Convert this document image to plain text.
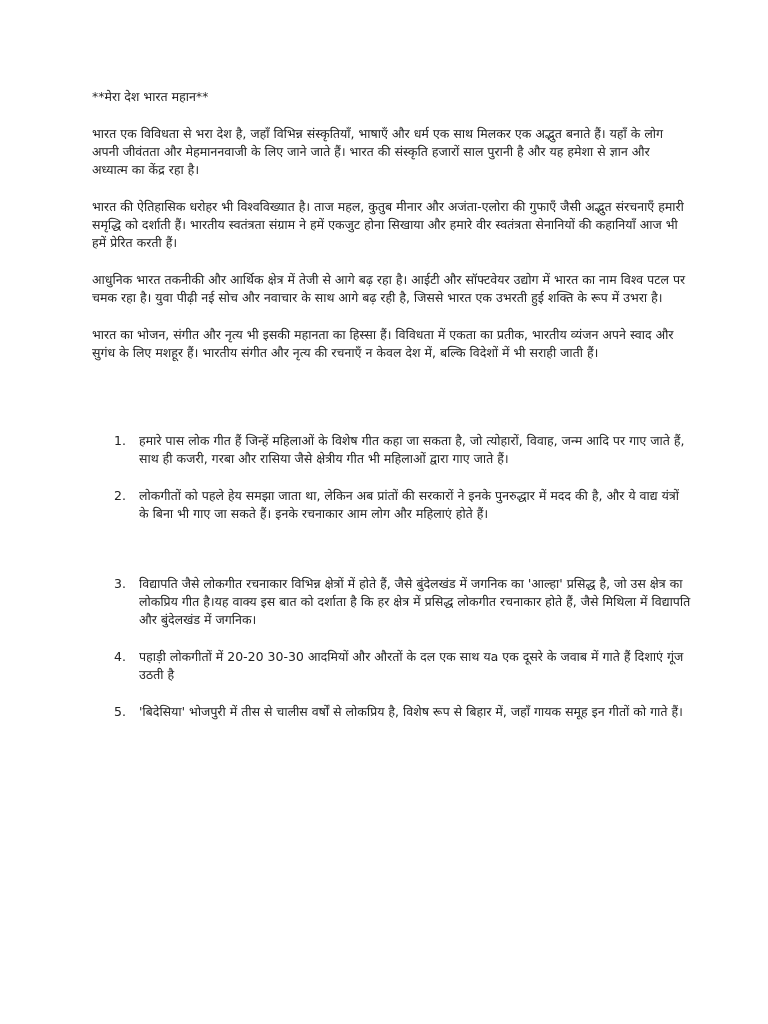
**मेरा देश भारत महान**

भारत एक विविधता से भरा देश है, जहाँ विभिन्न संस्कृतियाँ, भाषाएँ और धर्म एक साथ मिलकर एक अद्भुत बनाते हैं। यहाँ के लोग अपनी जीवंतता और मेहमाननवाजी के लिए जाने जाते हैं। भारत की संस्कृति हजारों साल पुरानी है और यह हमेशा से ज्ञान और अध्यात्म का केंद्र रहा है।

भारत की ऐतिहासिक धरोहर भी विश्वविख्यात है। ताज महल, कुतुब मीनार और अजंता-एलोरा की गुफाएँ जैसी अद्भुत संरचनाएँ हमारी समृद्धि को दर्शाती हैं। भारतीय स्वतंत्रता संग्राम ने हमें एकजुट होना सिखाया और हमारे वीर स्वतंत्रता सेनानियों की कहानियाँ आज भी हमें प्रेरित करती हैं।

आधुनिक भारत तकनीकी और आर्थिक क्षेत्र में तेजी से आगे बढ़ रहा है। आईटी और सॉफ्टवेयर उद्योग में भारत का नाम विश्व पटल पर चमक रहा है। युवा पीढ़ी नई सोच और नवाचार के साथ आगे बढ़ रही है, जिससे भारत एक उभरती हुई शक्ति के रूप में उभरा है।

भारत का भोजन, संगीत और नृत्य भी इसकी महानता का हिस्सा हैं। विविधता में एकता का प्रतीक, भारतीय व्यंजन अपने स्वाद और सुगंध के लिए मशहूर हैं। भारतीय संगीत और नृत्य की रचनाएँ न केवल देश में, बल्कि विदेशों में भी सराही जाती हैं।

1.	हमारे पास लोक गीत हैं जिन्हें महिलाओं के विशेष गीत कहा जा सकता है, जो त्योहारों, विवाह, जन्म आदि पर गाए जाते हैं, साथ ही कजरी, गरबा और रासिया जैसे क्षेत्रीय गीत भी महिलाओं द्वारा गाए जाते हैं।
2.	लोकगीतों को पहले हेय समझा जाता था, लेकिन अब प्रांतों की सरकारों ने इनके पुनरुद्धार में मदद की है, और ये वाद्य यंत्रों के बिना भी गाए जा सकते हैं। इनके रचनाकार आम लोग और महिलाएं होते हैं।
3.	विद्यापति जैसे लोकगीत रचनाकार विभिन्न क्षेत्रों में होते हैं, जैसे बुंदेलखंड में जगनिक का 'आल्हा' प्रसिद्ध है, जो उस क्षेत्र का लोकप्रिय गीत है।यह वाक्य इस बात को दर्शाता है कि हर क्षेत्र में प्रसिद्ध लोकगीत रचनाकार होते हैं, जैसे मिथिला में विद्यापति और बुंदेलखंड में जगनिक।
4.	पहाड़ी लोकगीतों में 20-20 30-30 आदमियों और औरतों के दल एक साथ यa एक दूसरे के जवाब में गाते हैं दिशाएं गूंज उठती है
5.	'बिदेसिया' भोजपुरी में तीस से चालीस वर्षों से लोकप्रिय है, विशेष रूप से बिहार में, जहाँ गायक समूह इन गीतों को गाते हैं।
